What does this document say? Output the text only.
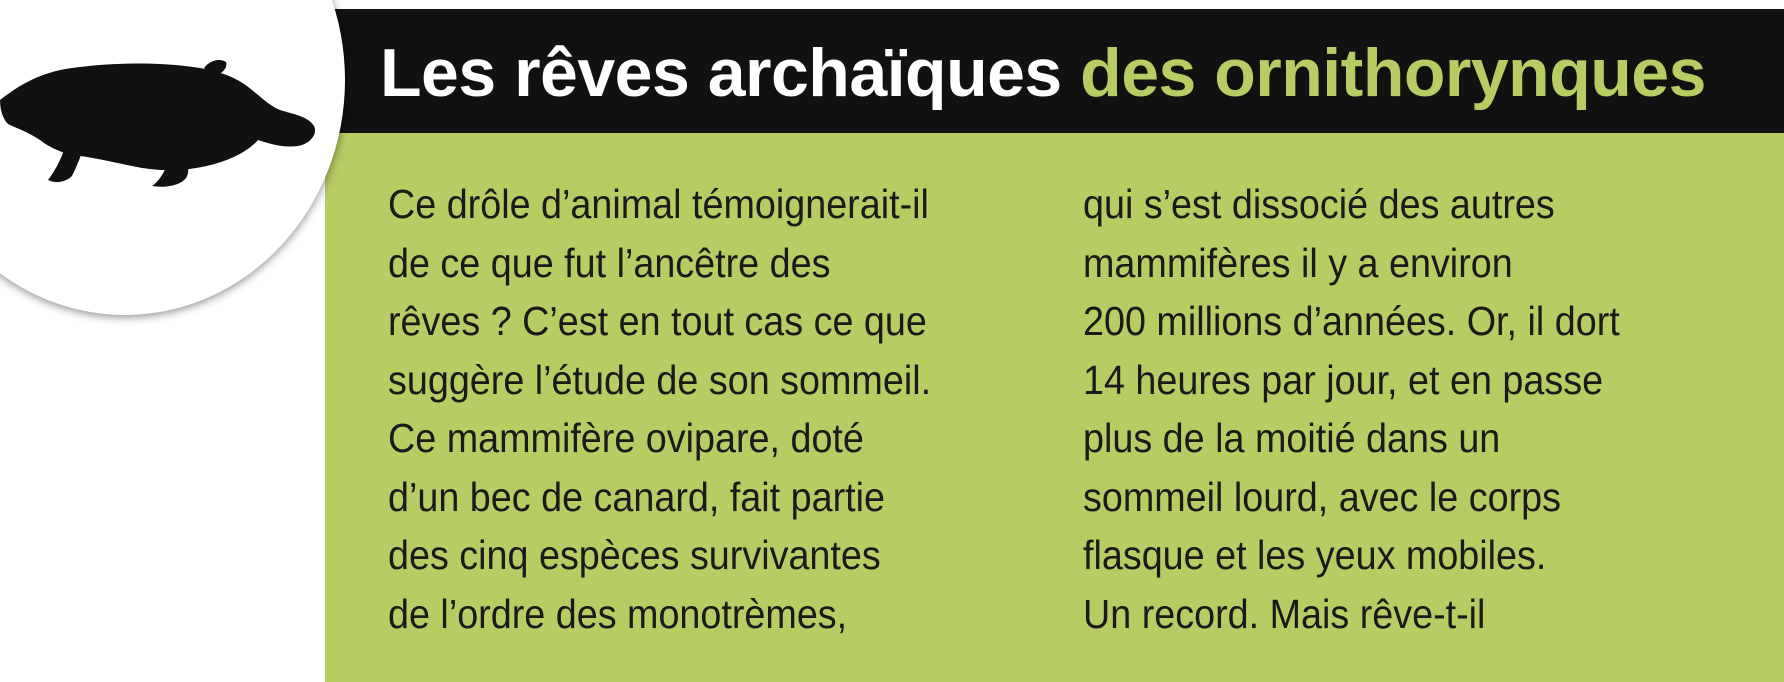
Les rêves archaïques des ornithorynques
Ce drôle d’animal témoignerait-il
de ce que fut l’ancêtre des
rêves ? C’est en tout cas ce que
suggère l’étude de son sommeil.
Ce mammifère ovipare, doté
d’un bec de canard, fait partie
des cinq espèces survivantes
de l’ordre des monotrèmes,
qui s’est dissocié des autres
mammifères il y a environ
200 millions d’années. Or, il dort
14 heures par jour, et en passe
plus de la moitié dans un
sommeil lourd, avec le corps
flasque et les yeux mobiles.
Un record. Mais rêve-t-il
